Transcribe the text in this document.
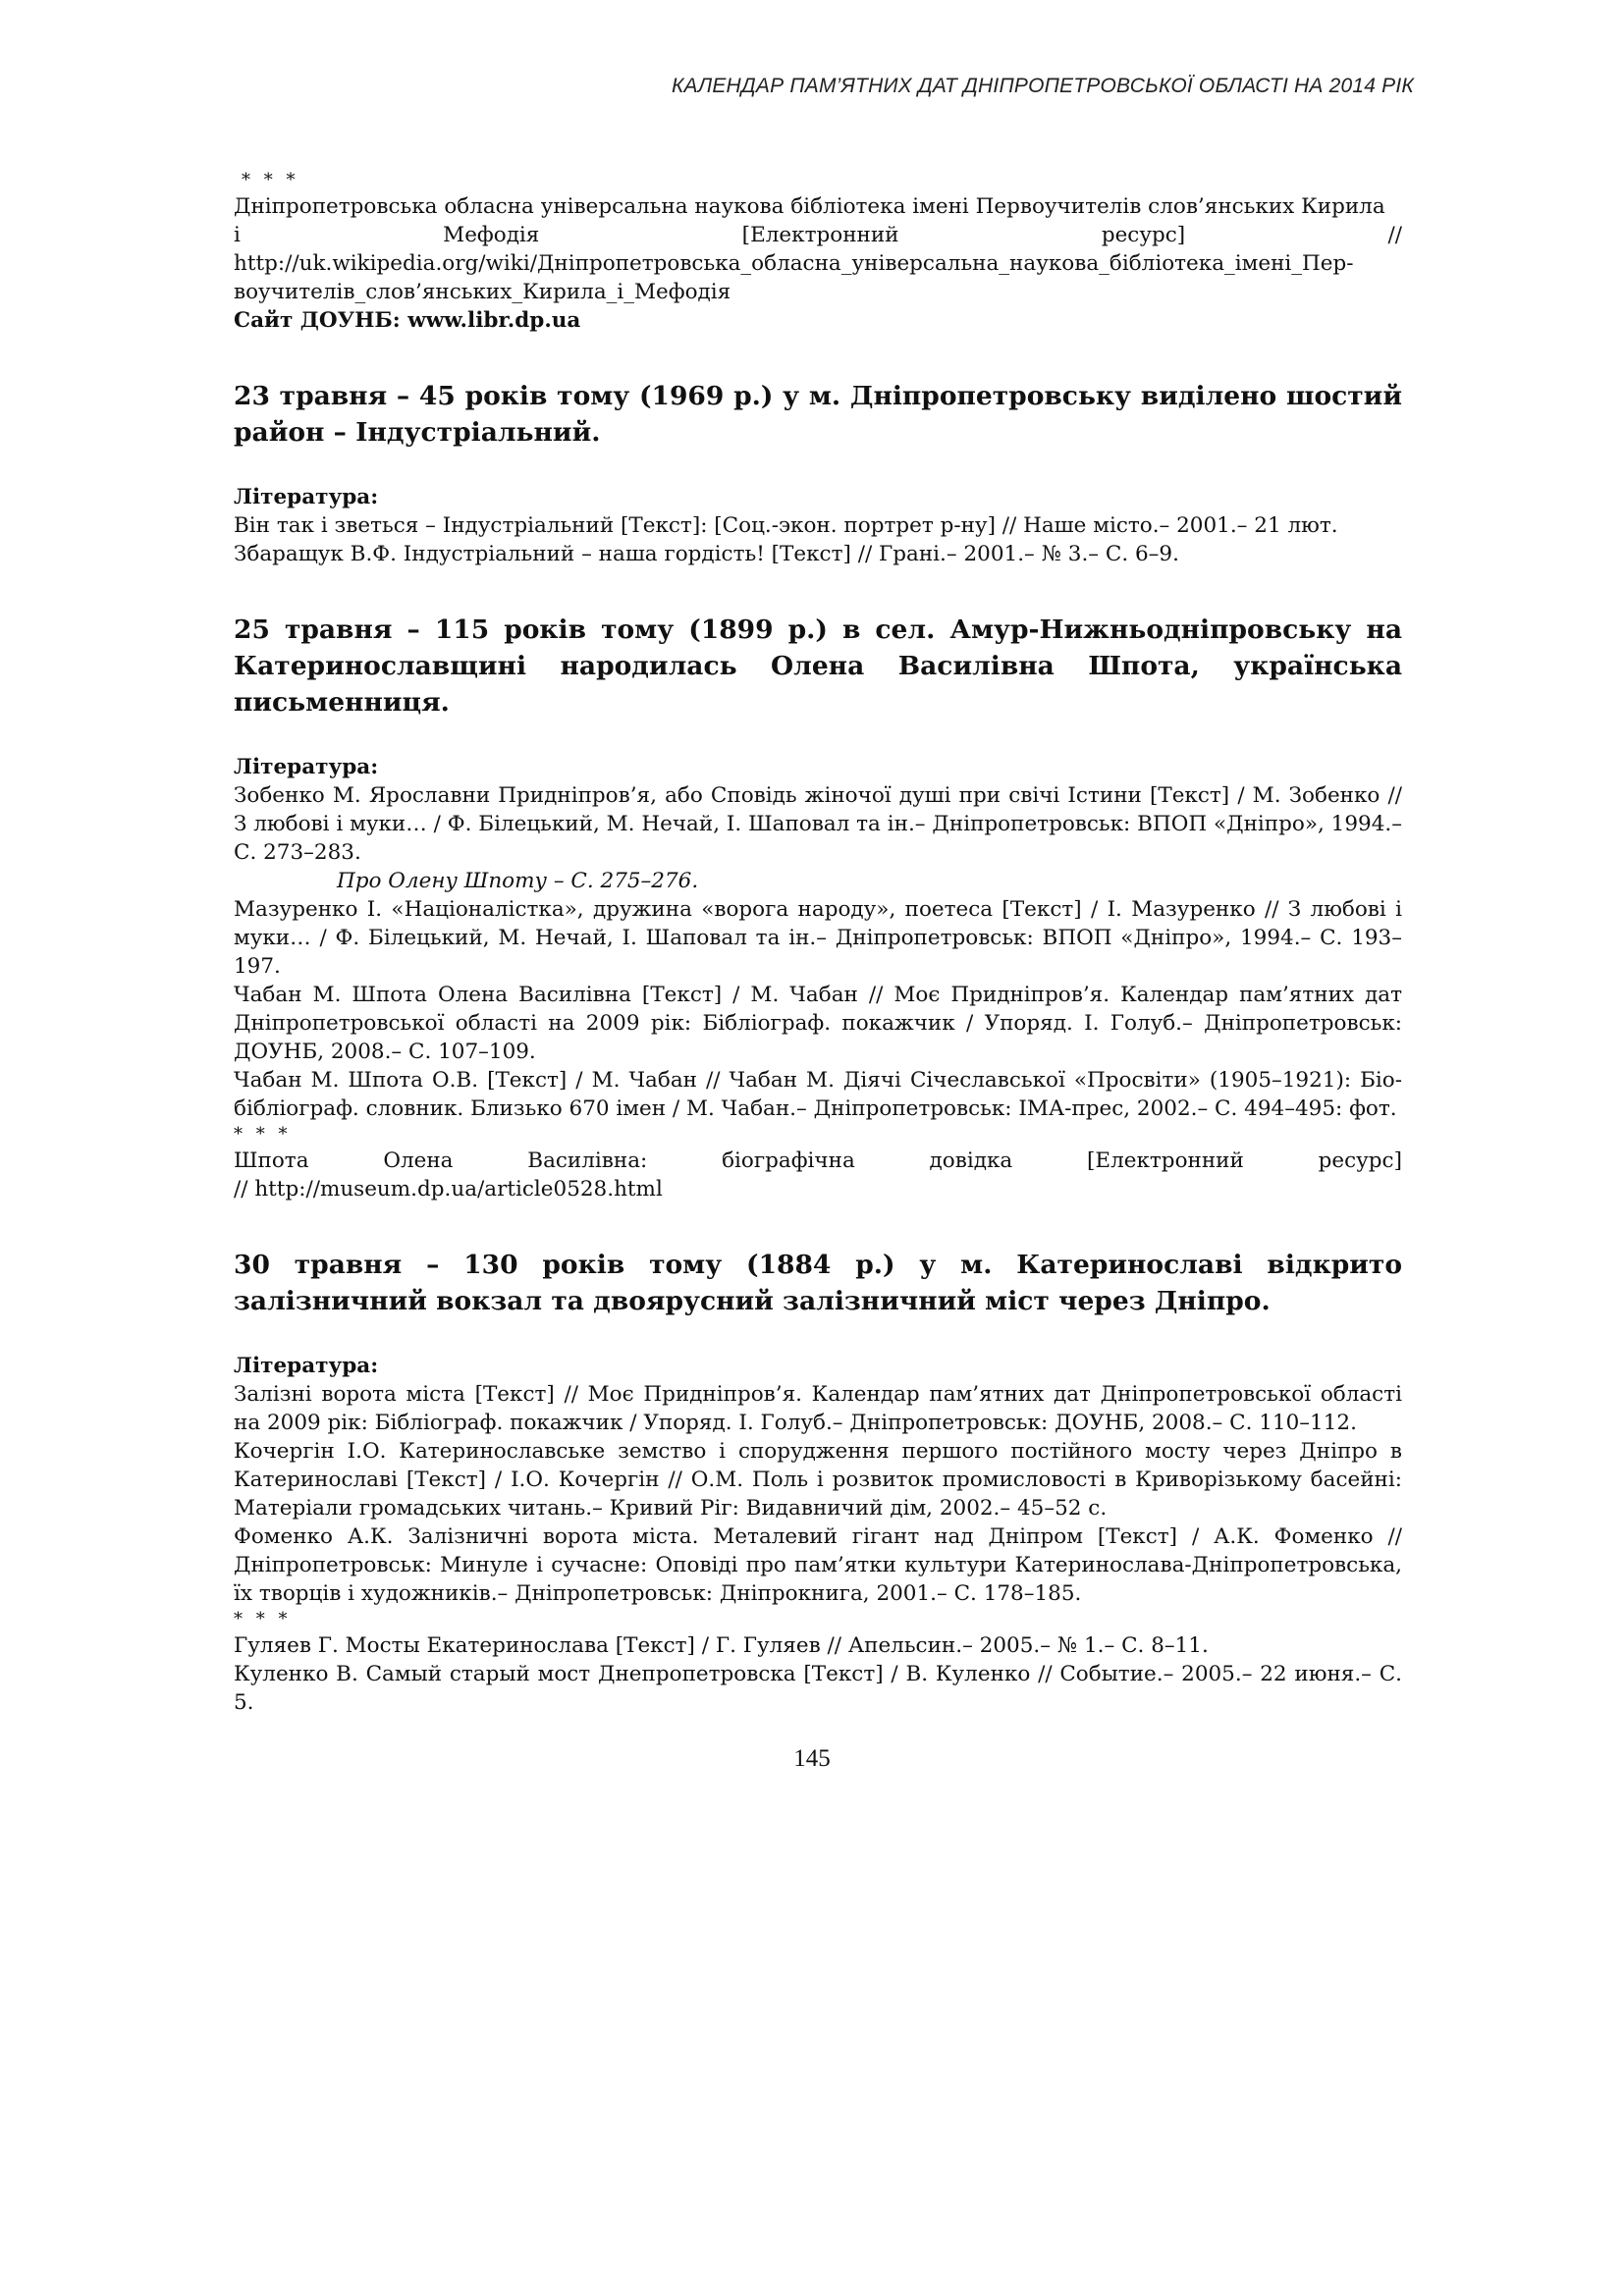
КАЛЕНДАР ПАМ’ЯТНИХ ДАТ ДНІПРОПЕТРОВСЬКОЇ ОБЛАСТІ НА 2014 РІК

* * *

Дніпропетровська обласна універсальна наукова бібліотека імені Первоучителів слов’янських Кирила

і Мефодія [Електронний ресурс] //

http://uk.wikipedia.org/wiki/Дніпропетровська_обласна_універсальна_наукова_бібліотека_імені_Пер-

воучителів_слов’янських_Кирила_і_Мефодія

Сайт ДОУНБ: www.libr.dp.ua

23 травня – 45 років тому (1969 р.) у м. Дніпропетровську виділено шостий район – Індустріальний.

Література:

Він так і зветься – Індустріальний [Текст]: [Соц.-экон. портрет р-ну] // Наше місто.– 2001.– 21 лют.

Збаращук В.Ф. Індустріальний – наша гордість! [Текст] // Грані.– 2001.– № 3.– С. 6–9.

25 травня – 115 років тому (1899 р.) в сел. Амур-Нижньодніпровську на Катеринославщині народилась Олена Василівна Шпота, українська письменниця.

Література:

Зобенко М. Ярославни Придніпров’я, або Сповідь жіночої душі при свічі Істини [Текст] / М. Зобенко // З любові і муки… / Ф. Білецький, М. Нечай, І. Шаповал та ін.– Дніпропетровськ: ВПОП «Дніпро», 1994.– С. 273–283.

Про Олену Шпоту – С. 275–276.

Мазуренко І. «Націоналістка», дружина «ворога народу», поетеса [Текст] / І. Мазуренко // З любові і муки… / Ф. Білецький, М. Нечай, І. Шаповал та ін.– Дніпропетровськ: ВПОП «Дніпро», 1994.– С. 193–197.

Чабан М. Шпота Олена Василівна [Текст] / М. Чабан // Моє Придніпров’я. Календар пам’ятних дат Дніпропетровської області на 2009 рік: Бібліограф. покажчик / Упоряд. І. Голуб.– Дніпропетровськ: ДОУНБ, 2008.– С. 107–109.

Чабан М. Шпота О.В. [Текст] / М. Чабан // Чабан М. Діячі Січеславської «Просвіти» (1905–1921): Біо-бібліограф. словник. Близько 670 імен / М. Чабан.– Дніпропетровськ: ІМА-прес, 2002.– С. 494–495: фот.

* * *

Шпота Олена Василівна: біографічна довідка [Електронний ресурс]

// http://museum.dp.ua/article0528.html

30 травня – 130 років тому (1884 р.) у м. Катеринославі відкрито залізничний вокзал та двоярусний залізничний міст через Дніпро.

Література:

Залізні ворота міста [Текст] // Моє Придніпров’я. Календар пам’ятних дат Дніпропетровської області на 2009 рік: Бібліограф. покажчик / Упоряд. І. Голуб.– Дніпропетровськ: ДОУНБ, 2008.– С. 110–112.

Кочергін І.О. Катеринославське земство і спорудження першого постійного мосту через Дніпро в Катеринославі [Текст] / І.О. Кочергін // О.М. Поль і розвиток промисловості в Криворізькому басейні: Матеріали громадських читань.– Кривий Ріг: Видавничий дім, 2002.– 45–52 с.

Фоменко А.К. Залізничні ворота міста. Металевий гігант над Дніпром [Текст] / А.К. Фоменко // Дніпропетровськ: Минуле і сучасне: Оповіді про пам’ятки культури Катеринослава-Дніпропетровська, їх творців і художників.– Дніпропетровськ: Дніпрокнига, 2001.– С. 178–185.

* * *

Гуляев Г. Мосты Екатеринослава [Текст] / Г. Гуляев // Апельсин.– 2005.– № 1.– С. 8–11.

Куленко В. Самый старый мост Днепропетровска [Текст] / В. Куленко // Событие.– 2005.– 22 июня.– С. 5.

145
